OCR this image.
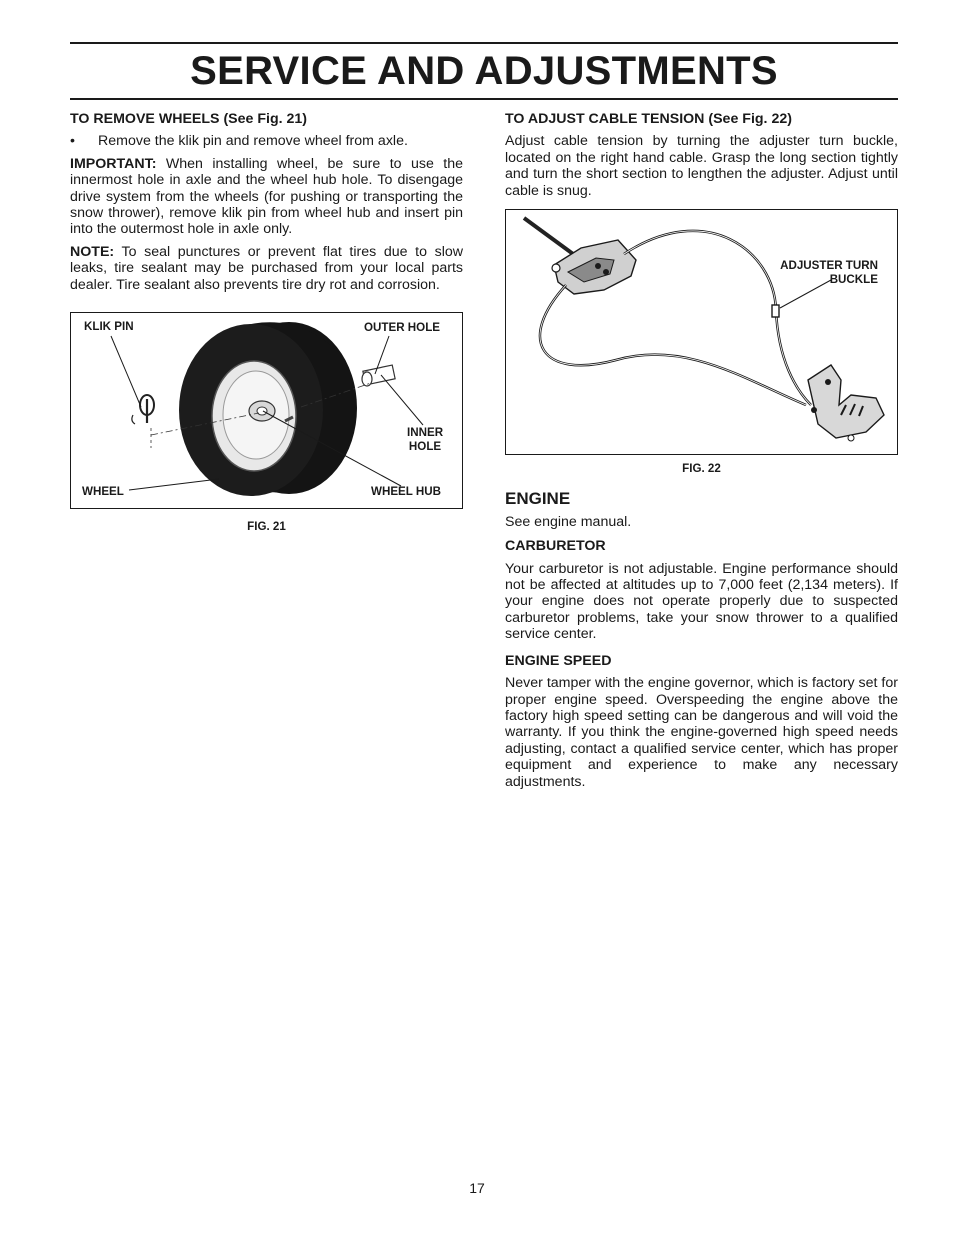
SERVICE AND ADJUSTMENTS

TO REMOVE WHEELS (See Fig. 21)

•	Remove the klik pin and remove wheel from axle.

IMPORTANT: When installing wheel, be sure to use the innermost hole in axle and the wheel hub hole. To disengage drive system from the wheels (for pushing or transporting the snow thrower), remove klik pin from wheel hub and insert pin into the outermost hole in axle only.

NOTE: To seal punctures or prevent flat tires due to slow leaks, tire sealant may be purchased from your local parts dealer. Tire sealant also prevents tire dry rot and corrosion.

KLIK PIN	OUTER HOLE
INNER
HOLE
WHEEL	WHEEL HUB
FIG. 21

TO ADJUST CABLE TENSION (See Fig. 22)

Adjust cable tension by turning the adjuster turn buckle, located on the right hand cable. Grasp the long section tightly and turn the short section to lengthen the adjuster. Adjust until cable is snug.

ADJUSTER TURN
BUCKLE
FIG. 22

ENGINE

See engine manual.

CARBURETOR

Your carburetor is not adjustable. Engine performance should not be affected at altitudes up to 7,000 feet (2,134 meters). If your engine does not operate properly due to suspected carburetor problems, take your snow thrower to a qualified service center.

ENGINE SPEED

Never tamper with the engine governor, which is factory set for proper engine speed. Overspeeding the engine above the factory high speed setting can be dangerous and will void the warranty. If you think the engine-governed high speed needs adjusting, contact a qualified service center, which has proper equipment and experience to make any necessary adjustments.

17
